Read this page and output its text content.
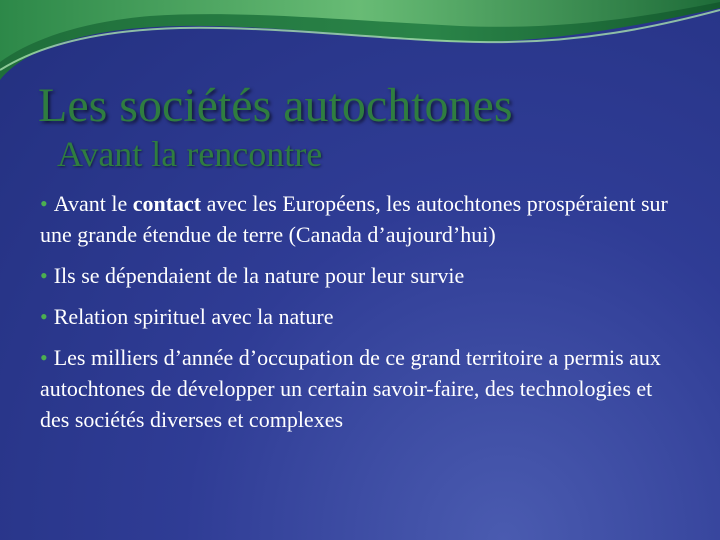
Les sociétés autochtones
Avant la rencontre
• Avant le contact avec les Européens, les autochtones prospéraient sur une grande étendue de terre (Canada d’aujourd’hui)
• Ils se dépendaient de la nature pour leur survie
• Relation spirituel avec la nature
• Les milliers d’année d’occupation de ce grand territoire a permis aux autochtones de développer un certain savoir-faire, des technologies et des sociétés diverses et complexes
